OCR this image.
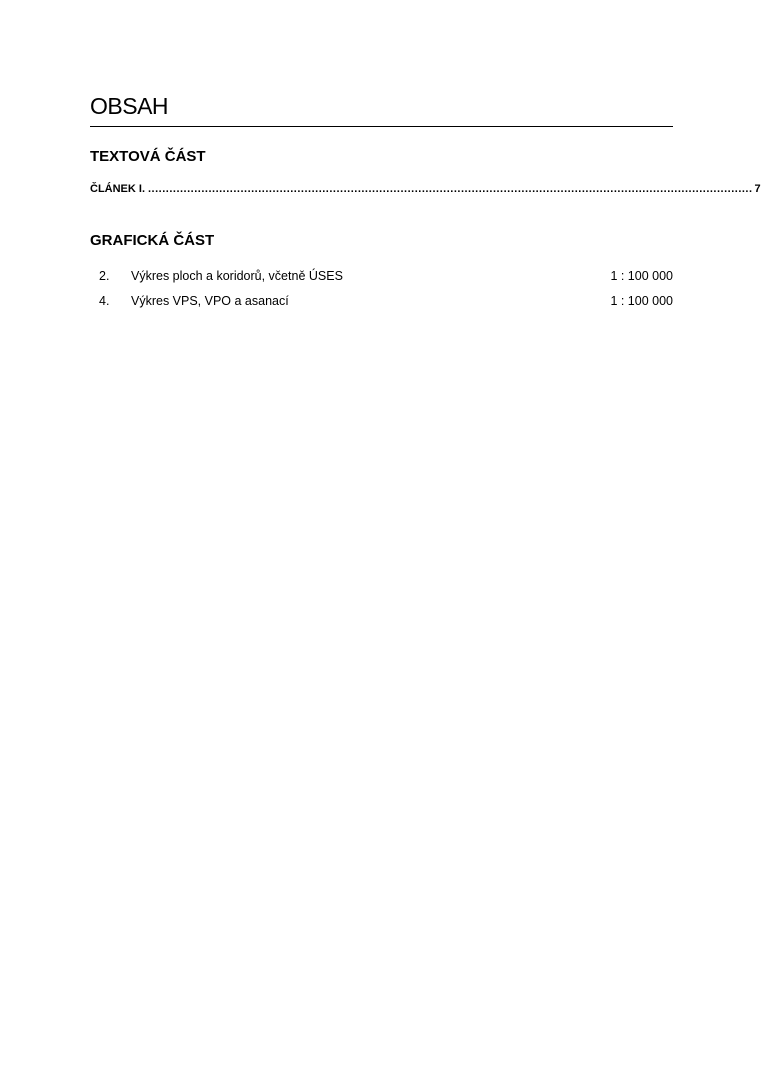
OBSAH
TEXTOVÁ ČÁST
ČLÁNEK I. .......................................................................................................................................................................... 7
GRAFICKÁ ČÁST
2.	Výkres ploch a koridorů, včetně ÚSES	1 : 100 000
4.	Výkres VPS, VPO a asanací	1 : 100 000
